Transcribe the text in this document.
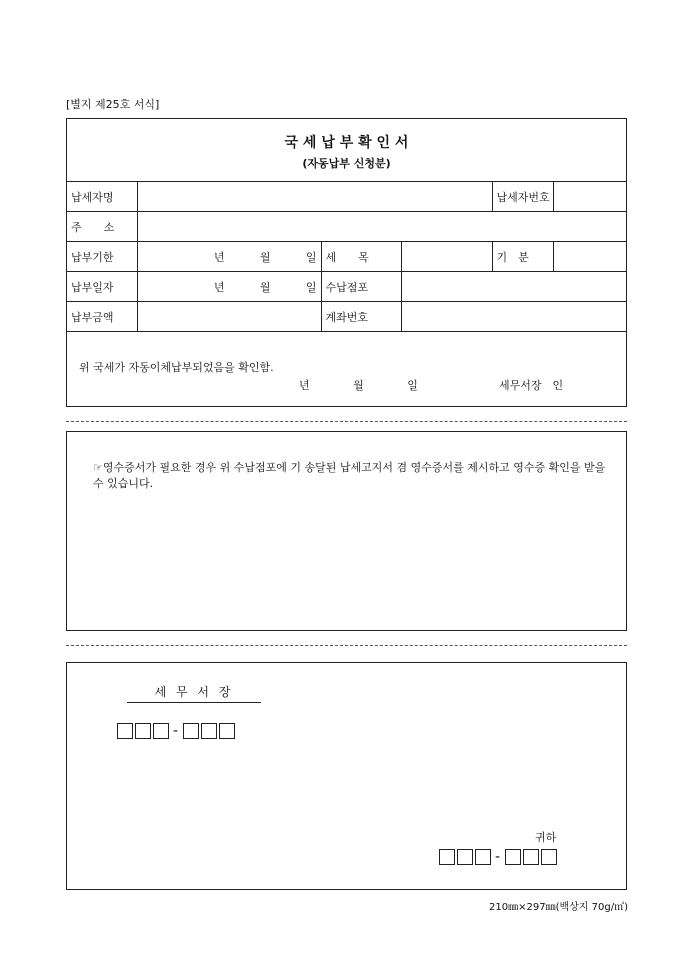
[별지 제25호 서식]
국 세 납 부 확 인 서
(자동납부 신청분)
납세자명				납세자번호	
주　　소					
납부기한	년 월 일	세　　목		기　분	
납부일자	년 월 일	수납점포			
납부금액		계좌번호			
위 국세가 자동이체납부되었음을 확인함.
년	월	일	세무서장　인
☞영수증서가 필요한 경우 위 수납점포에 기 송달된 납세고지서 겸 영수증서를 제시하고 영수증 확인을 받을 수 있습니다.
세 무 서 장
-
귀하
-
210㎜×297㎜(백상지 70g/㎡)
